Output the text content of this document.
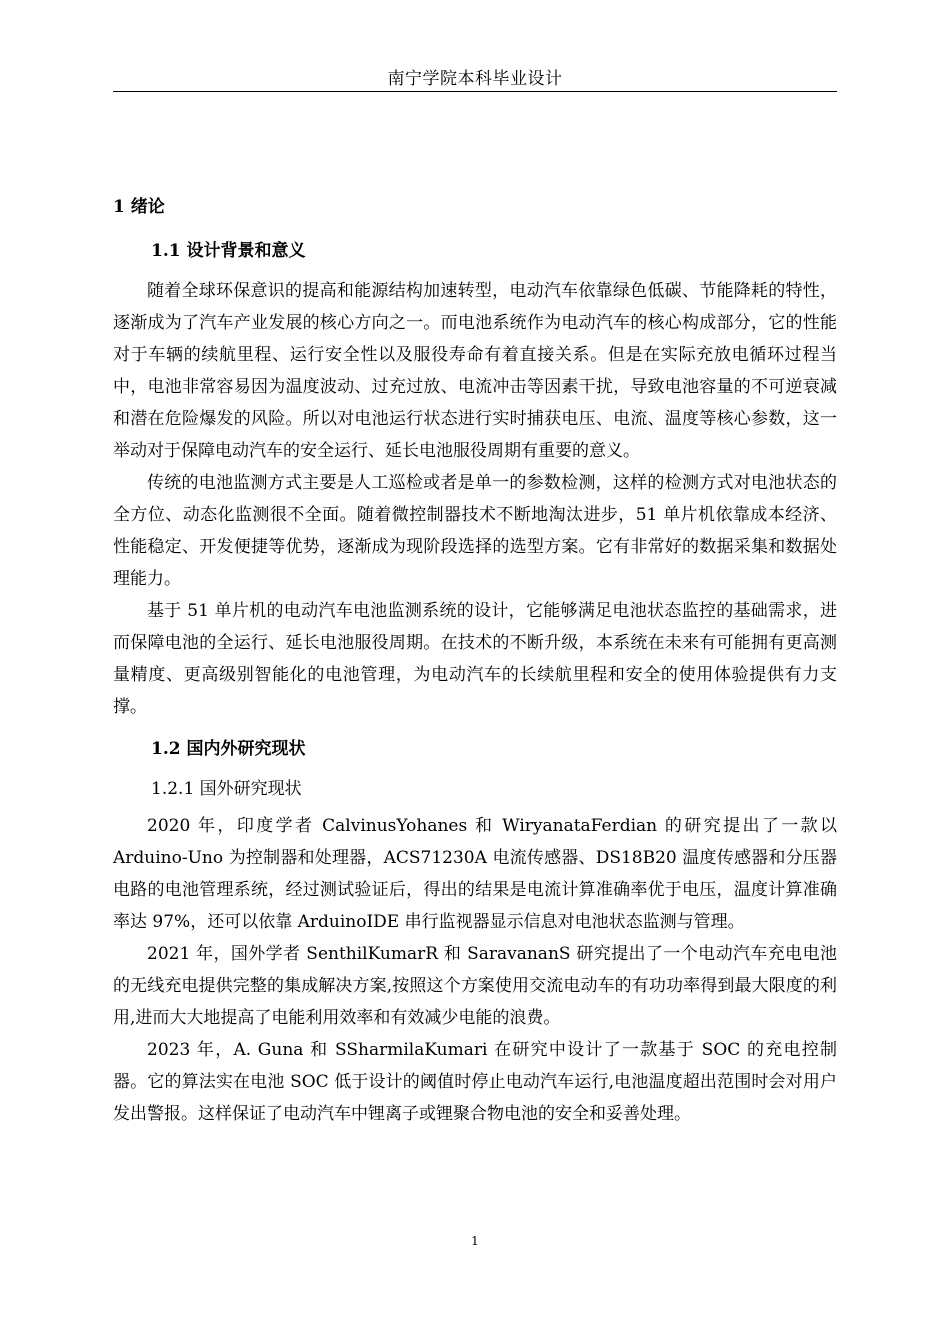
南宁学院本科毕业设计
1 绪论
1.1 设计背景和意义

随着全球环保意识的提高和能源结构加速转型，电动汽车依靠绿色低碳、节能降耗的特性，逐渐成为了汽车产业发展的核心方向之一。而电池系统作为电动汽车的核心构成部分，它的性能对于车辆的续航里程、运行安全性以及服役寿命有着直接关系。但是在实际充放电循环过程当中，电池非常容易因为温度波动、过充过放、电流冲击等因素干扰，导致电池容量的不可逆衰减和潜在危险爆发的风险。所以对电池运行状态进行实时捕获电压、电流、温度等核心参数，这一举动对于保障电动汽车的安全运行、延长电池服役周期有重要的意义。

传统的电池监测方式主要是人工巡检或者是单一的参数检测，这样的检测方式对电池状态的全方位、动态化监测很不全面。随着微控制器技术不断地淘汰进步，51 单片机依靠成本经济、性能稳定、开发便捷等优势，逐渐成为现阶段选择的选型方案。它有非常好的数据采集和数据处理能力。

基于 51 单片机的电动汽车电池监测系统的设计，它能够满足电池状态监控的基础需求，进而保障电池的全运行、延长电池服役周期。在技术的不断升级，本系统在未来有可能拥有更高测量精度、更高级别智能化的电池管理，为电动汽车的长续航里程和安全的使用体验提供有力支撑。

1.2 国内外研究现状
1.2.1 国外研究现状

2020 年，印度学者 CalvinusYohanes 和 WiryanataFerdian 的研究提出了一款以 Arduino-Uno 为控制器和处理器，ACS71230A 电流传感器、DS18B20 温度传感器和分压器电路的电池管理系统，经过测试验证后，得出的结果是电流计算准确率优于电压，温度计算准确率达 97%，还可以依靠 ArduinoIDE 串行监视器显示信息对电池状态监测与管理。

2021 年，国外学者 SenthilKumarR 和 SaravananS 研究提出了一个电动汽车充电电池的无线充电提供完整的集成解决方案,按照这个方案使用交流电动车的有功功率得到最大限度的利用,进而大大地提高了电能利用效率和有效减少电能的浪费。

2023 年，A. Guna 和 SSharmilaKumari 在研究中设计了一款基于 SOC 的充电控制器。它的算法实在电池 SOC 低于设计的阈值时停止电动汽车运行,电池温度超出范围时会对用户发出警报。这样保证了电动汽车中锂离子或锂聚合物电池的安全和妥善处理。

1
